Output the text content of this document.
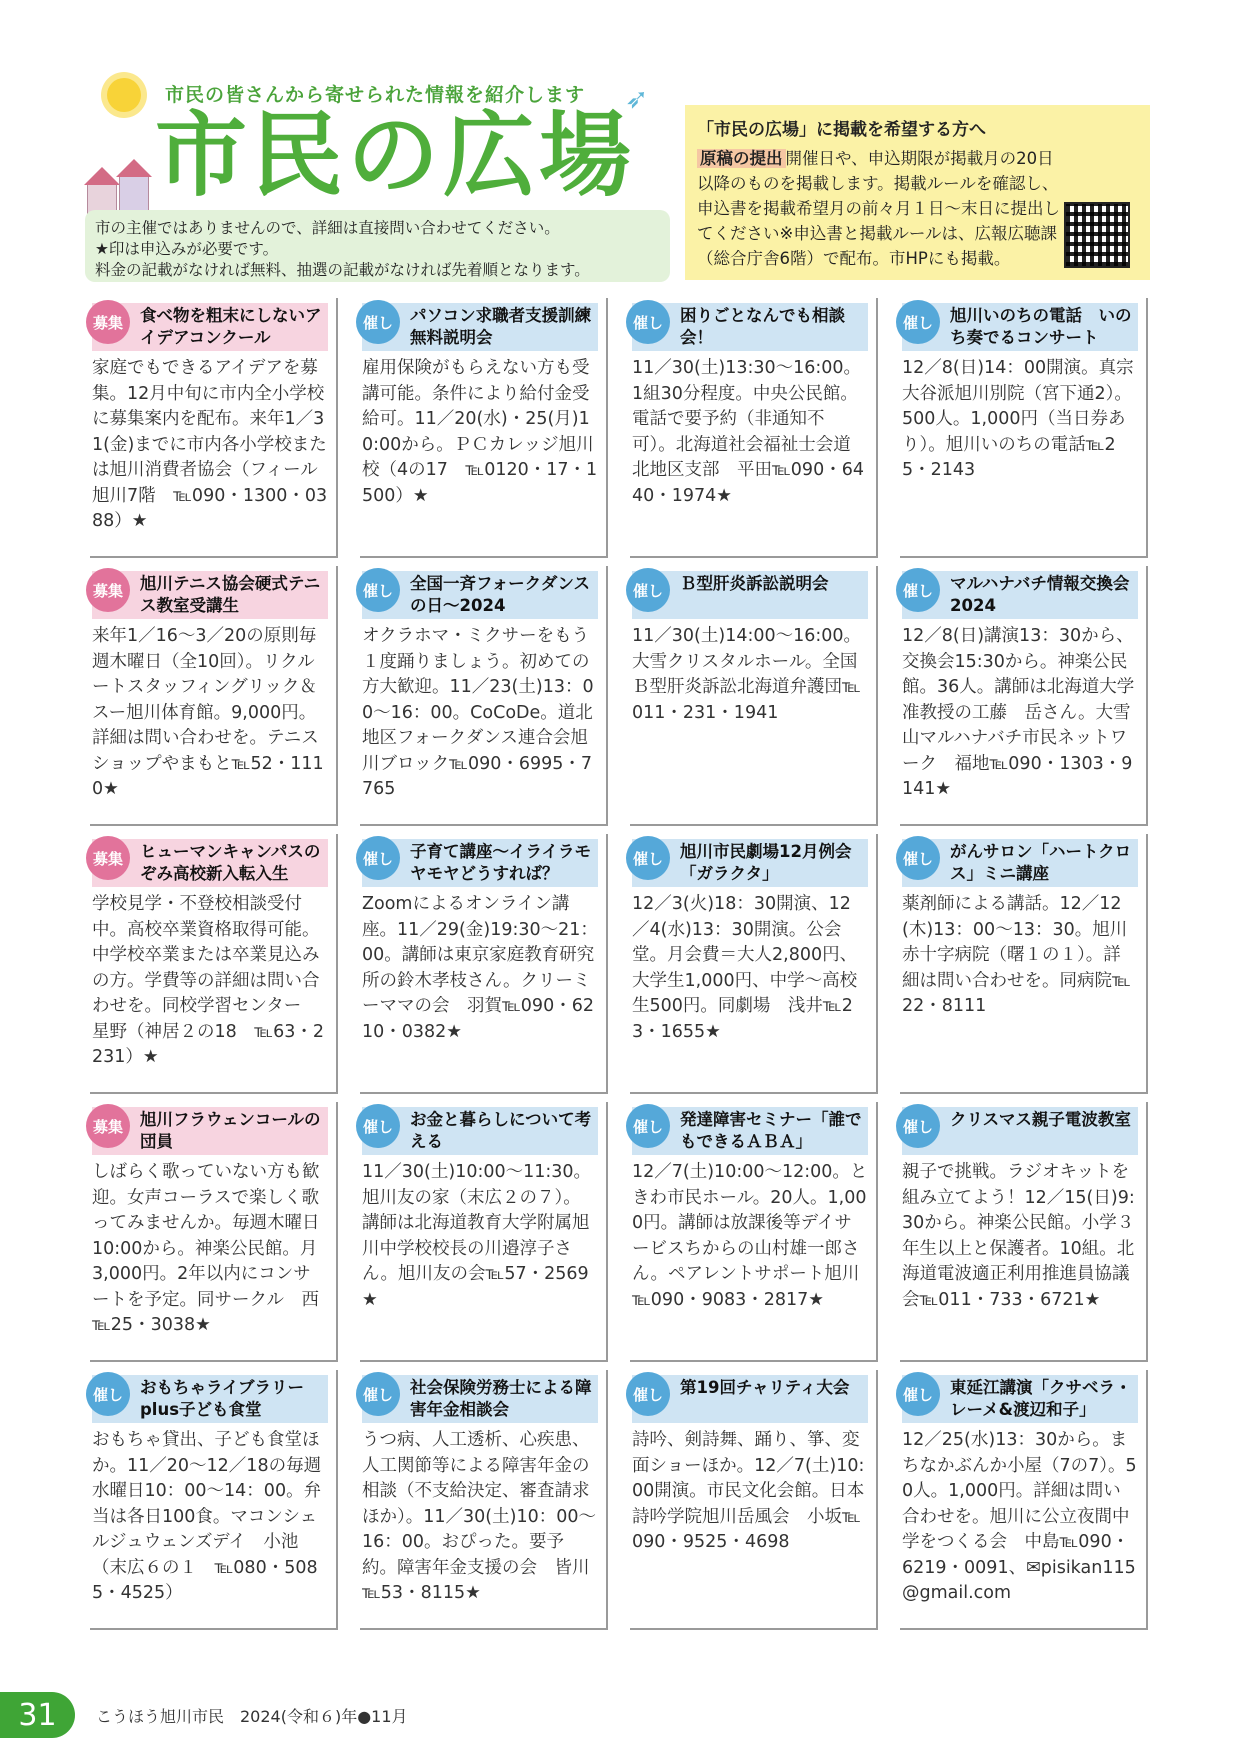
市民の皆さんから寄せられた情報を紹介します ➶
市民の広場
市の主催ではありませんので、詳細は直接問い合わせてください。
★印は申込みが必要です。
料金の記載がなければ無料、抽選の記載がなければ先着順となります。
「市民の広場」に掲載を希望する方へ
原稿の提出 開催日や、申込期限が掲載月の20日以降のものを掲載します。掲載ルールを確認し、申込書を掲載希望月の前々月１日～末日に提出してください※申込書と掲載ルールは、広報広聴課（総合庁舎6階）で配布。市HPにも掲載。
食べ物を粗末にしないアイデアコンクール
募集
家庭でもできるアイデアを募集。12月中旬に市内全小学校に募集案内を配布。来年1／31(金)までに市内各小学校または旭川消費者協会（フィール旭川7階　℡090・1300・0388）★
パソコン求職者支援訓練　無料説明会
催し
雇用保険がもらえない方も受講可能。条件により給付金受給可。11／20(水)・25(月)10:00から。ＰＣカレッジ旭川校（4の17　℡0120・17・1500）★
困りごとなんでも相談会！
催し
11／30(土)13:30～16:00。1組30分程度。中央公民館。電話で要予約（非通知不可）。北海道社会福祉士会道北地区支部　平田℡090・6440・1974★
旭川いのちの電話　いのち奏でるコンサート
催し
12／8(日)14：00開演。真宗大谷派旭川別院（宮下通2）。500人。1,000円（当日券あり）。旭川いのちの電話℡25・2143
旭川テニス協会硬式テニス教室受講生
募集
来年1／16～3／20の原則毎週木曜日（全10回）。リクルートスタッフィングリック＆スー旭川体育館。9,000円。詳細は問い合わせを。テニスショップやまもと℡52・1110★
全国一斉フォークダンスの日～2024
催し
オクラホマ・ミクサーをもう１度踊りましょう。初めての方大歓迎。11／23(土)13：00～16：00。CoCoDe。道北地区フォークダンス連合会旭川ブロック℡090・6995・7765
Ｂ型肝炎訴訟説明会
催し
11／30(土)14:00～16:00。大雪クリスタルホール。全国Ｂ型肝炎訴訟北海道弁護団℡011・231・1941
マルハナバチ情報交換会2024
催し
12／8(日)講演13：30から、交換会15:30から。神楽公民館。36人。講師は北海道大学准教授の工藤　岳さん。大雪山マルハナバチ市民ネットワーク　福地℡090・1303・9141★
ヒューマンキャンパスのぞみ高校新入転入生
募集
学校見学・不登校相談受付中。高校卒業資格取得可能。中学校卒業または卒業見込みの方。学費等の詳細は問い合わせを。同校学習センター　星野（神居２の18　℡63・2231）★
子育て講座～イライラモヤモヤどうすれば？
催し
Zoomによるオンライン講座。11／29(金)19:30～21：00。講師は東京家庭教育研究所の鈴木孝枝さん。クリーミーママの会　羽賀℡090・6210・0382★
旭川市民劇場12月例会「ガラクタ」
催し
12／3(火)18：30開演、12／4(水)13：30開演。公会堂。月会費＝大人2,800円、大学生1,000円、中学～高校生500円。同劇場　浅井℡23・1655★
がんサロン「ハートクロス」ミニ講座
催し
薬剤師による講話。12／12(木)13：00～13：30。旭川赤十字病院（曙１の１）。詳細は問い合わせを。同病院℡22・8111
旭川フラウェンコールの団員
募集
しばらく歌っていない方も歓迎。女声コーラスで楽しく歌ってみませんか。毎週木曜日10:00から。神楽公民館。月3,000円。2年以内にコンサートを予定。同サークル　西℡25・3038★
お金と暮らしについて考える
催し
11／30(土)10:00～11:30。旭川友の家（末広２の７）。講師は北海道教育大学附属旭川中学校校長の川邉淳子さん。旭川友の会℡57・2569★
発達障害セミナー「誰でもできるＡＢＡ」
催し
12／7(土)10:00～12:00。ときわ市民ホール。20人。1,000円。講師は放課後等デイサービスちからの山村雄一郎さん。ペアレントサポート旭川℡090・9083・2817★
クリスマス親子電波教室
催し
親子で挑戦。ラジオキットを組み立てよう！12／15(日)9:30から。神楽公民館。小学３年生以上と保護者。10組。北海道電波適正利用推進員協議会℡011・733・6721★
おもちゃライブラリーplus子ども食堂
催し
おもちゃ貸出、子ども食堂ほか。11／20～12／18の毎週水曜日10：00～14：00。弁当は各日100食。マコンシェルジュウェンズデイ　小池（末広６の１　℡080・5085・4525）
社会保険労務士による障害年金相談会
催し
うつ病、人工透析、心疾患、人工関節等による障害年金の相談（不支給決定、審査請求ほか）。11／30(土)10：00～16：00。おぴった。要予約。障害年金支援の会　皆川℡53・8115★
第19回チャリティ大会
催し
詩吟、剣詩舞、踊り、箏、変面ショーほか。12／7(土)10:00開演。市民文化会館。日本詩吟学院旭川岳風会　小坂℡090・9525・4698
東延江講演「クサベラ・レーメ&渡辺和子」
催し
12／25(水)13：30から。まちなかぶんか小屋（7の7）。50人。1,000円。詳細は問い合わせを。旭川に公立夜間中学をつくる会　中島℡090・6219・0091、✉pisikan115@gmail.com
31	こうほう旭川市民　2024(令和６)年●11月
